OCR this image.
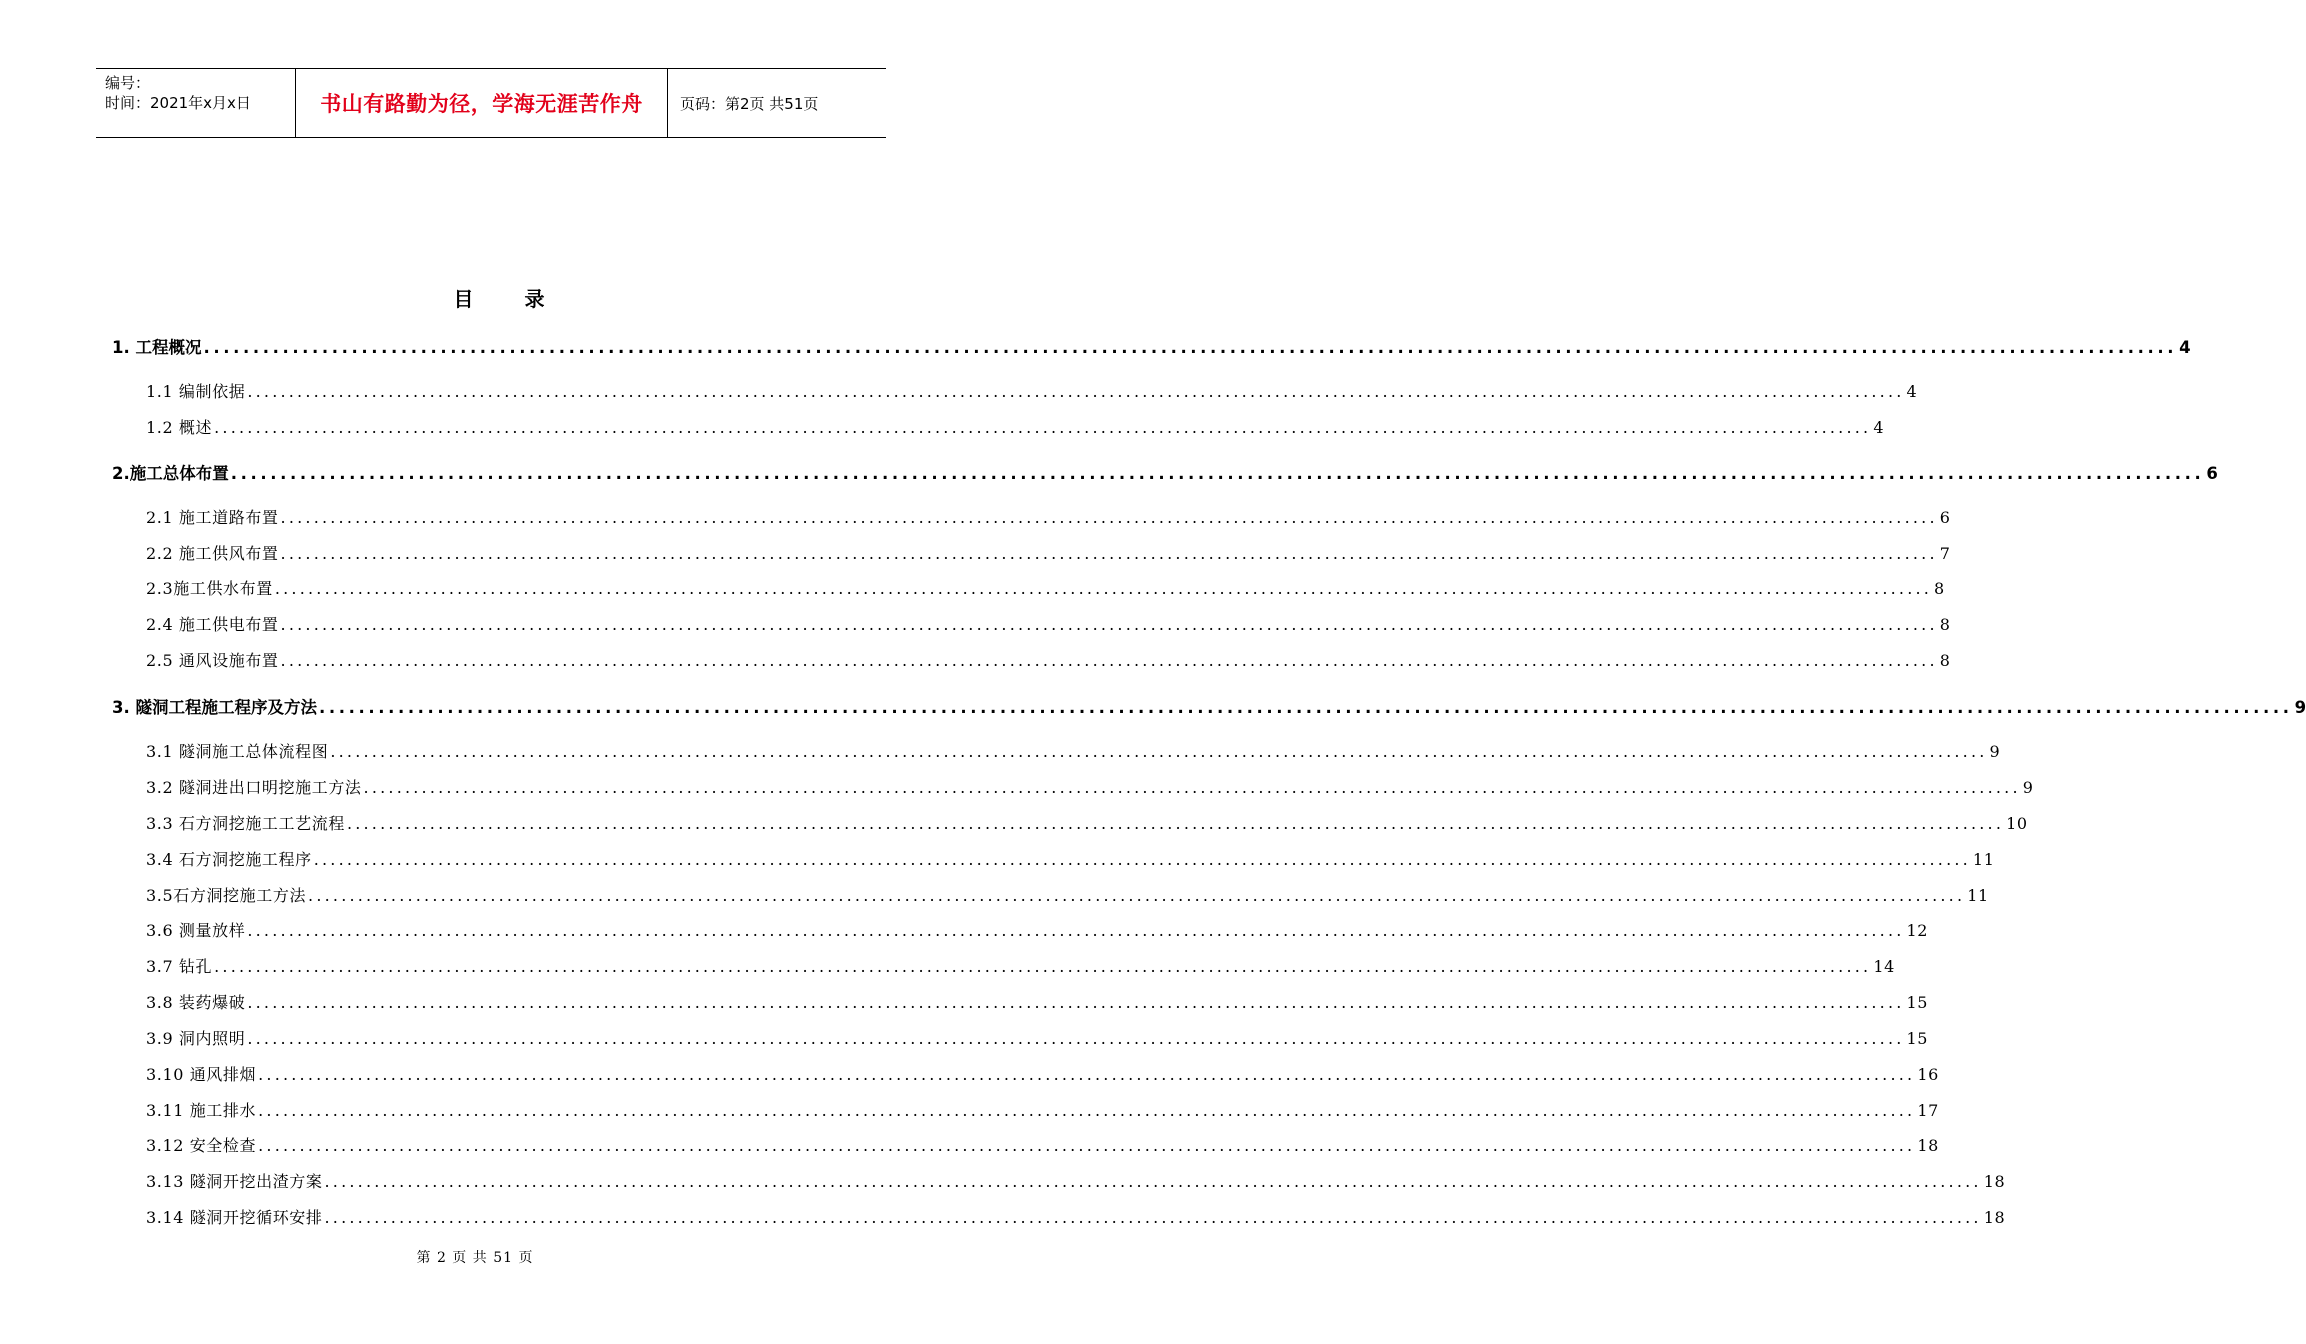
编号：
时间：2021年x月x日	书山有路勤为径，学海无涯苦作舟	页码：第2页 共51页
目 录
1. 工程概况 ........................................................................................................................................................................................................ 4
1.1 编制依据 ........................................................................................................................................................................................................ 4
1.2 概述 ........................................................................................................................................................................................................ 4
2.施工总体布置 ........................................................................................................................................................................................................ 6
2.1 施工道路布置 ........................................................................................................................................................................................................ 6
2.2 施工供风布置 ........................................................................................................................................................................................................ 7
2.3施工供水布置 ........................................................................................................................................................................................................ 8
2.4 施工供电布置 ........................................................................................................................................................................................................ 8
2.5 通风设施布置 ........................................................................................................................................................................................................ 8
3. 隧洞工程施工程序及方法 ........................................................................................................................................................................................................ 9
3.1 隧洞施工总体流程图 ........................................................................................................................................................................................................ 9
3.2 隧洞进出口明挖施工方法 ........................................................................................................................................................................................................ 9
3.3 石方洞挖施工工艺流程 ........................................................................................................................................................................................................ 10
3.4 石方洞挖施工程序 ........................................................................................................................................................................................................ 11
3.5石方洞挖施工方法 ........................................................................................................................................................................................................ 11
3.6 测量放样 ........................................................................................................................................................................................................ 12
3.7 钻孔 ........................................................................................................................................................................................................ 14
3.8 装药爆破 ........................................................................................................................................................................................................ 15
3.9 洞内照明 ........................................................................................................................................................................................................ 15
3.10 通风排烟 ........................................................................................................................................................................................................ 16
3.11 施工排水 ........................................................................................................................................................................................................ 17
3.12 安全检查 ........................................................................................................................................................................................................ 18
3.13 隧洞开挖出渣方案 ........................................................................................................................................................................................................ 18
3.14 隧洞开挖循环安排 ........................................................................................................................................................................................................ 18
第 2 页 共 51 页
